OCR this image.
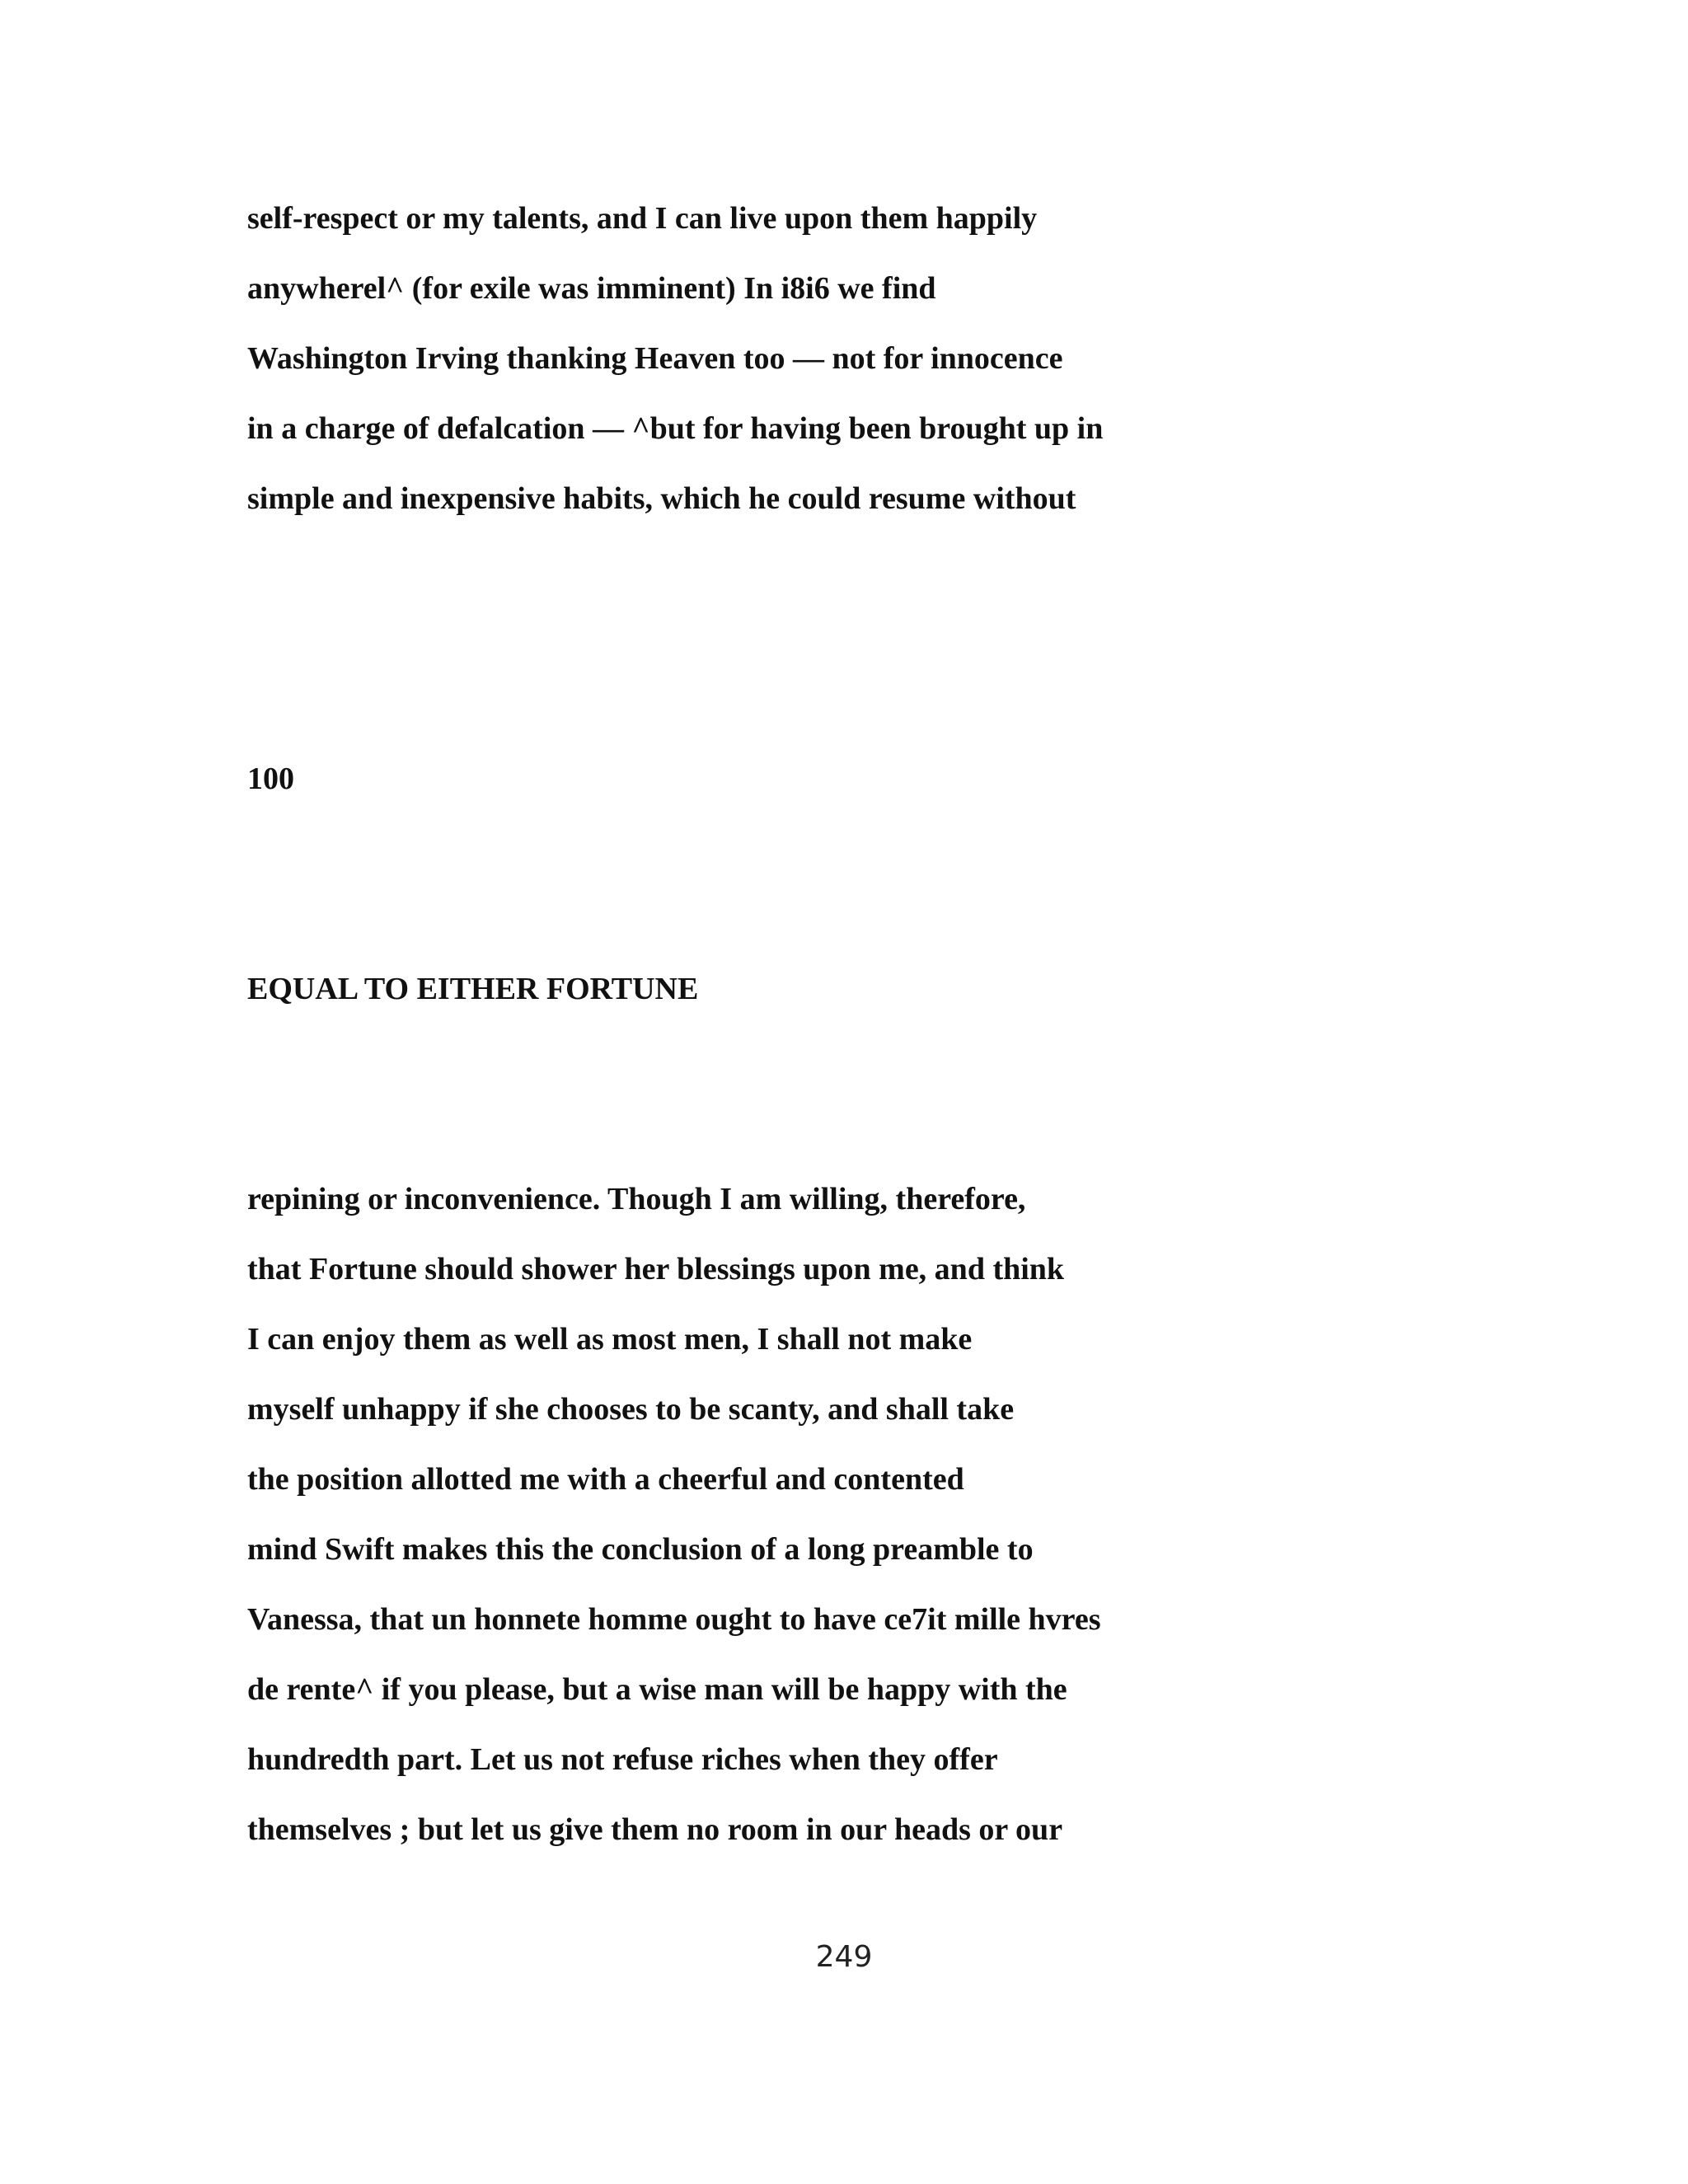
self-respect or my talents, and I can live upon them happily

anywherel^ (for exile was imminent) In i8i6 we find

Washington Irving thanking Heaven too — not for innocence

in a charge of defalcation — ^but for having been brought up in

simple and inexpensive habits, which he could resume without

100

EQUAL TO EITHER FORTUNE

repining or inconvenience. Though I am willing, therefore,

that Fortune should shower her blessings upon me, and think

I can enjoy them as well as most men, I shall not make

myself unhappy if she chooses to be scanty, and shall take

the position allotted me with a cheerful and contented

mind Swift makes this the conclusion of a long preamble to

Vanessa, that un honnete homme ought to have ce7it mille hvres

de rente^ if you please, but a wise man will be happy with the

hundredth part. Let us not refuse riches when they offer

themselves ; but let us give them no room in our heads or our

249
